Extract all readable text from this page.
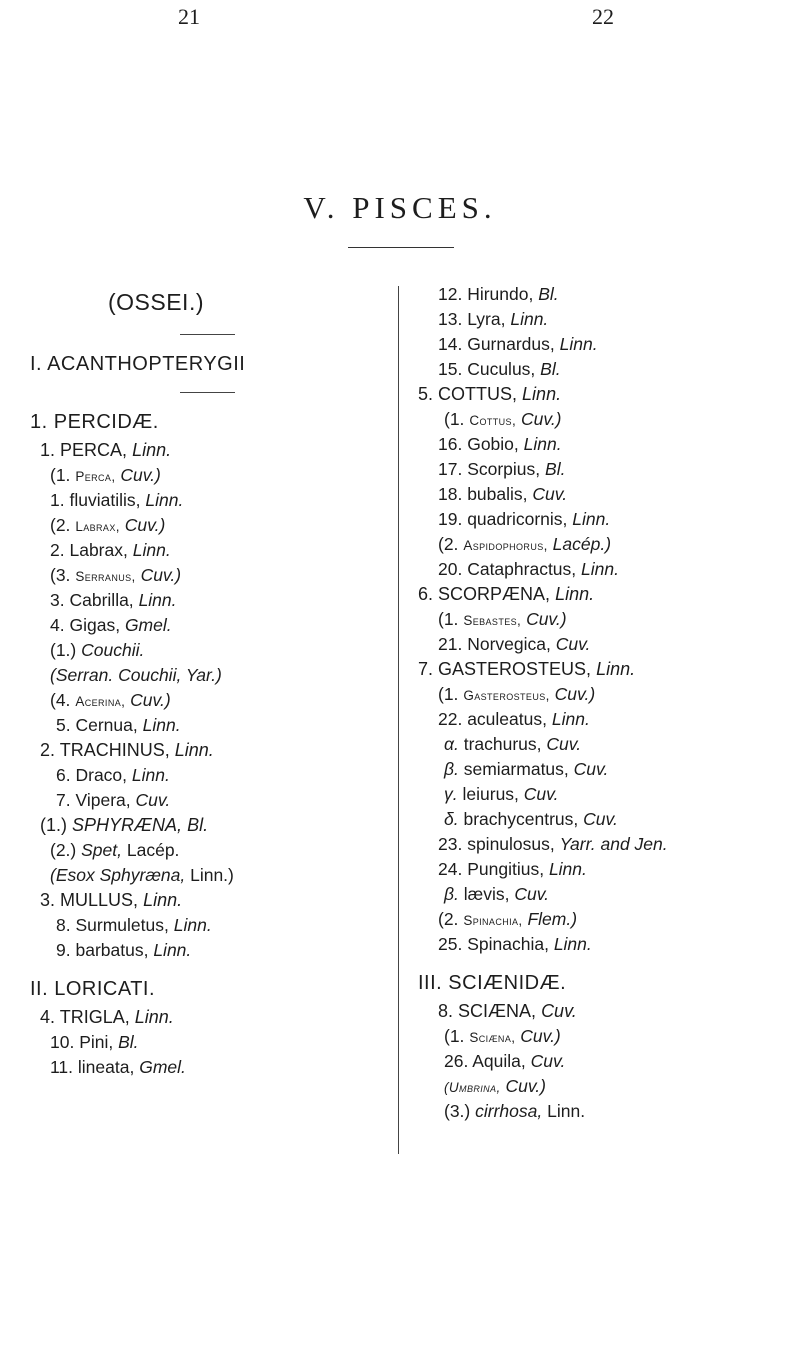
21	22
V. PISCES.
(OSSEI.)
I. ACANTHOPTERYGII
1. PERCIDÆ.
1. PERCA, Linn.
(1. Perca, Cuv.)
1. fluviatilis, Linn.
(2. Labrax, Cuv.)
2. Labrax, Linn.
(3. Serranus, Cuv.)
3. Cabrilla, Linn.
4. Gigas, Gmel.
(1.) Couchii.
(Serran. Couchii, Yar.)
(4. Acerina, Cuv.)
5. Cernua, Linn.
2. TRACHINUS, Linn.
6. Draco, Linn.
7. Vipera, Cuv.
(1.) SPHYRÆNA, Bl.
(2.) Spet, Lacép.
(Esox Sphyræna, Linn.)
3. MULLUS, Linn.
8. Surmuletus, Linn.
9. barbatus, Linn.
II. LORICATI.
4. TRIGLA, Linn.
10. Pini, Bl.
11. lineata, Gmel.
12. Hirundo, Bl.
13. Lyra, Linn.
14. Gurnardus, Linn.
15. Cuculus, Bl.
5. COTTUS, Linn.
(1. Cottus, Cuv.)
16. Gobio, Linn.
17. Scorpius, Bl.
18. bubalis, Cuv.
19. quadricornis, Linn.
(2. Aspidophorus, Lacép.)
20. Cataphractus, Linn.
6. SCORPÆNA, Linn.
(1. Sebastes, Cuv.)
21. Norvegica, Cuv.
7. GASTEROSTEUS, Linn.
(1. Gasterosteus, Cuv.)
22. aculeatus, Linn.
α. trachurus, Cuv.
β. semiarmatus, Cuv.
γ. leiurus, Cuv.
δ. brachycentrus, Cuv.
23. spinulosus, Yarr. and Jen.
24. Pungitius, Linn.
β. lævis, Cuv.
(2. Spinachia, Flem.)
25. Spinachia, Linn.
III. SCIÆNIDÆ.
8. SCIÆNA, Cuv.
(1. Sciæna, Cuv.)
26. Aquila, Cuv.
(Umbrina, Cuv.)
(3.) cirrhosa, Linn.
